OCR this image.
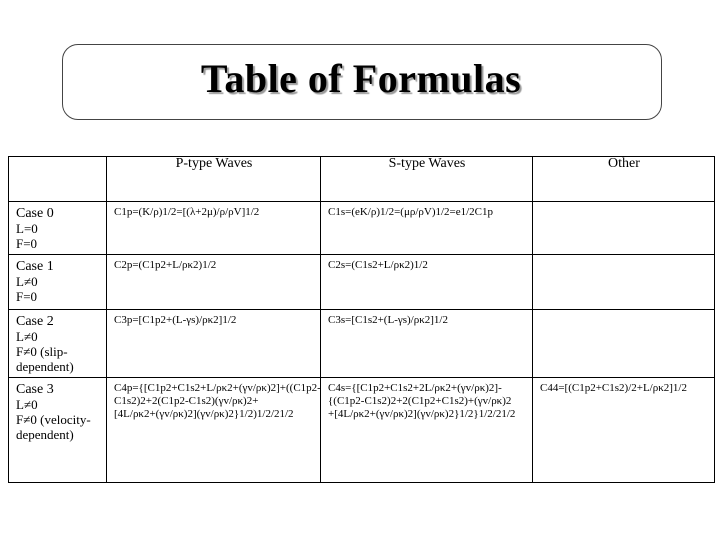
Table of Formulas
	P-type Waves	S-type Waves	Other

Case 0
L=0
F=0	C1p=(K/ρ)1/2=[(λ+2μ)/ρ/ρV]1/2	C1s=(eK/ρ)1/2=(μρ/ρV)1/2=e1/2C1p	

Case 1
L≠0
F=0	C2p=(C1p2+L/ρκ2)1/2	C2s=(C1s2+L/ρκ2)1/2	

Case 2
L≠0
F≠0 (slip-
dependent)	C3p=[C1p2+(L-γs)/ρκ2]1/2	C3s=[C1s2+(L-γs)/ρκ2]1/2	

Case 3
L≠0
F≠0 (velocity-
dependent)	C4p={[C1p2+C1s2+L/ρκ2+(γv/ρκ)2]+((C1p2-
C1s2)2+2(C1p2-C1s2)(γv/ρκ)2+
[4L/ρκ2+(γv/ρκ)2](γv/ρκ)2}1/2)1/2/21/2	C4s={[C1p2+C1s2+2L/ρκ2+(γv/ρκ)2]-
{(C1p2-C1s2)2+2(C1p2+C1s2)+(γv/ρκ)2
+[4L/ρκ2+(γv/ρκ)2](γv/ρκ)2}1/2}1/2/21/2	C44=[(C1p2+C1s2)/2+L/ρκ2]1/2
